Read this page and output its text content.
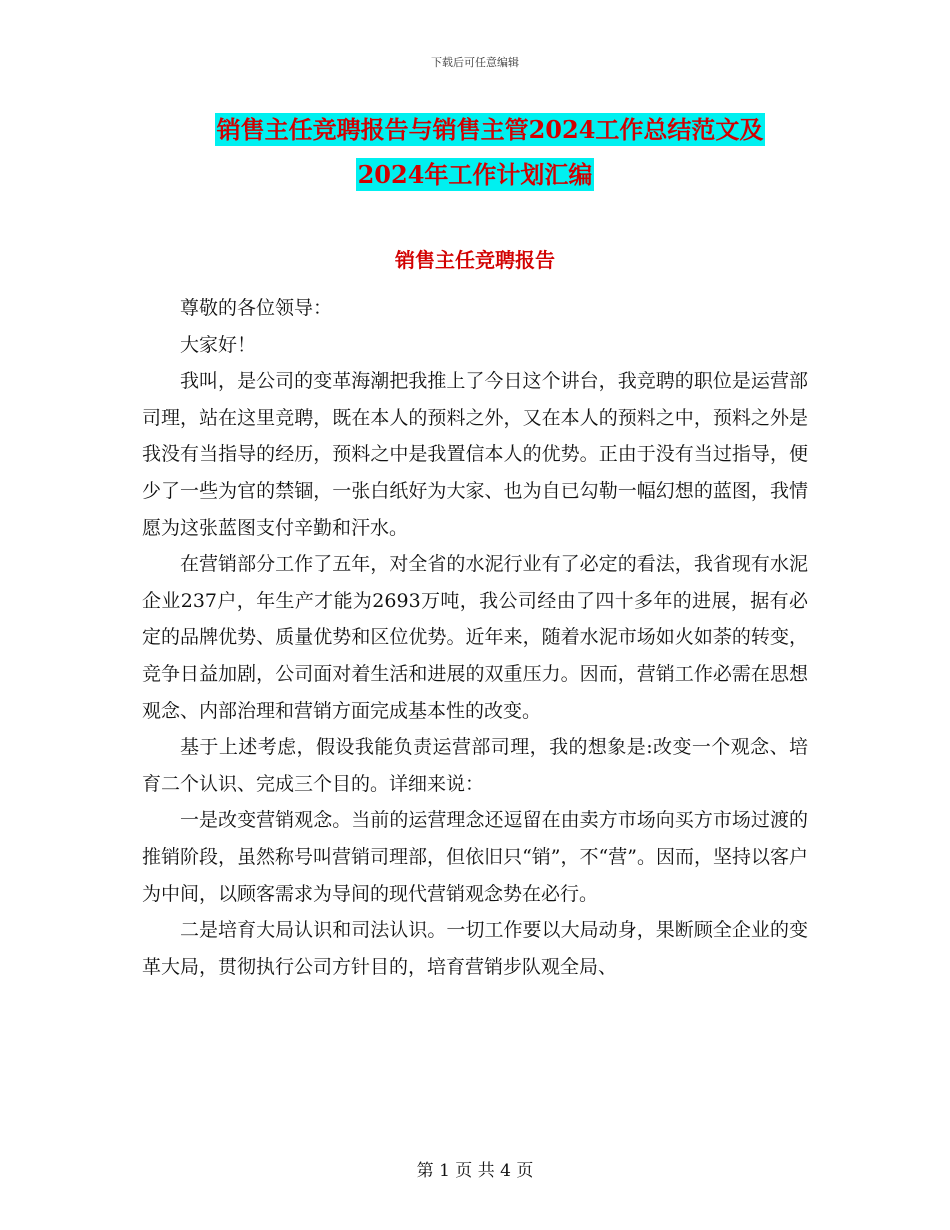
下载后可任意编辑
销售主任竞聘报告与销售主管2024工作总结范文及
2024年工作计划汇编
销售主任竞聘报告

尊敬的各位领导：

大家好！

我叫，是公司的变革海潮把我推上了今日这个讲台，我竞聘的职位是运营部司理，站在这里竞聘，既在本人的预料之外，又在本人的预料之中，预料之外是我没有当指导的经历，预料之中是我置信本人的优势。正由于没有当过指导，便少了一些为官的禁锢，一张白纸好为大家、也为自已勾勒一幅幻想的蓝图，我情愿为这张蓝图支付辛勤和汗水。

在营销部分工作了五年，对全省的水泥行业有了必定的看法，我省现有水泥企业237户，年生产才能为2693万吨，我公司经由了四十多年的进展，据有必定的品牌优势、质量优势和区位优势。近年来，随着水泥市场如火如荼的转变，竞争日益加剧，公司面对着生活和进展的双重压力。因而，营销工作必需在思想观念、内部治理和营销方面完成基本性的改变。

基于上述考虑，假设我能负责运营部司理，我的想象是:改变一个观念、培育二个认识、完成三个目的。详细来说：

一是改变营销观念。当前的运营理念还逗留在由卖方市场向买方市场过渡的推销阶段，虽然称号叫营销司理部，但依旧只“销”，不“营”。因而，坚持以客户为中间，以顾客需求为导间的现代营销观念势在必行。

二是培育大局认识和司法认识。一切工作要以大局动身，果断顾全企业的变革大局，贯彻执行公司方针目的，培育营销步队观全局、

第 1 页 共 4 页
